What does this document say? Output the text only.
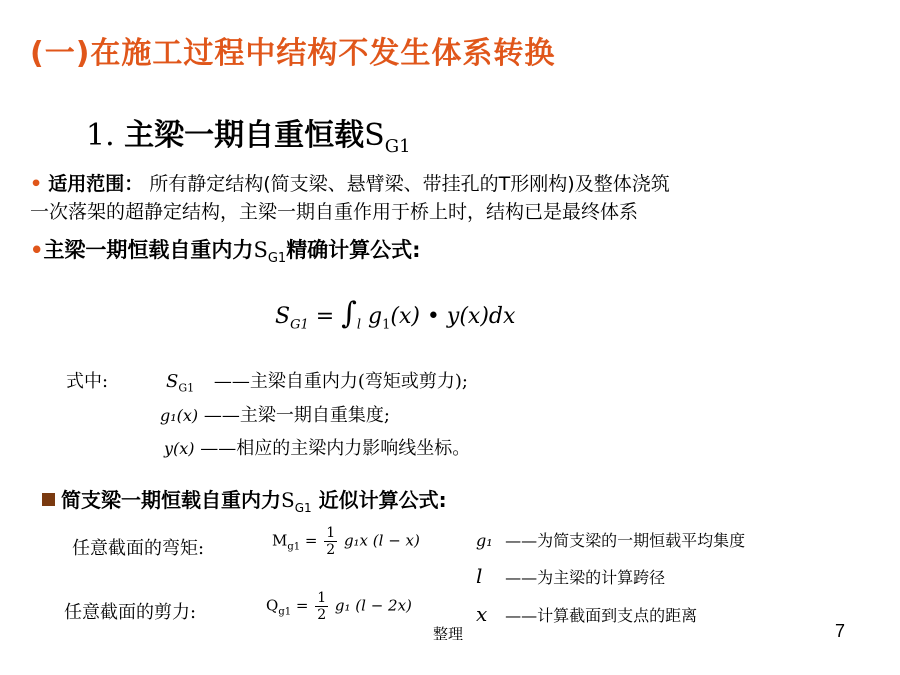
(一)在施工过程中结构不发生体系转换
1. 主梁一期自重恒载$S_{G1}$
• 适用范围： 所有静定结构(简支梁、悬臂梁、带挂孔的T形刚构)及整体浇筑
一次落架的超静定结构，主梁一期自重作用于桥上时，结构已是最终体系
•主梁一期恒载自重内力$S_{G1}$精确计算公式:
$S_{G1} = \int_l$ $g_1(x)$ • y(x)dx
式中:	$S_{G1}$ ——主梁自重内力(弯矩或剪力);
g₁(x) ——主梁一期自重集度;
y(x) ——相应的主梁内力影响线坐标。
简支梁一期恒载自重内力$S_{G1}$ 近似计算公式:
任意截面的弯矩:	$M_{g1} = \frac{1}{2} g_1x$ (l − x)
任意截面的剪力:	$Q_{g1} = \frac{1}{2} g_1$ (l − 2x)
g₁ ——为简支梁的一期恒载平均集度
l ——为主梁的计算跨径
x ——计算截面到支点的距离
整理	7
